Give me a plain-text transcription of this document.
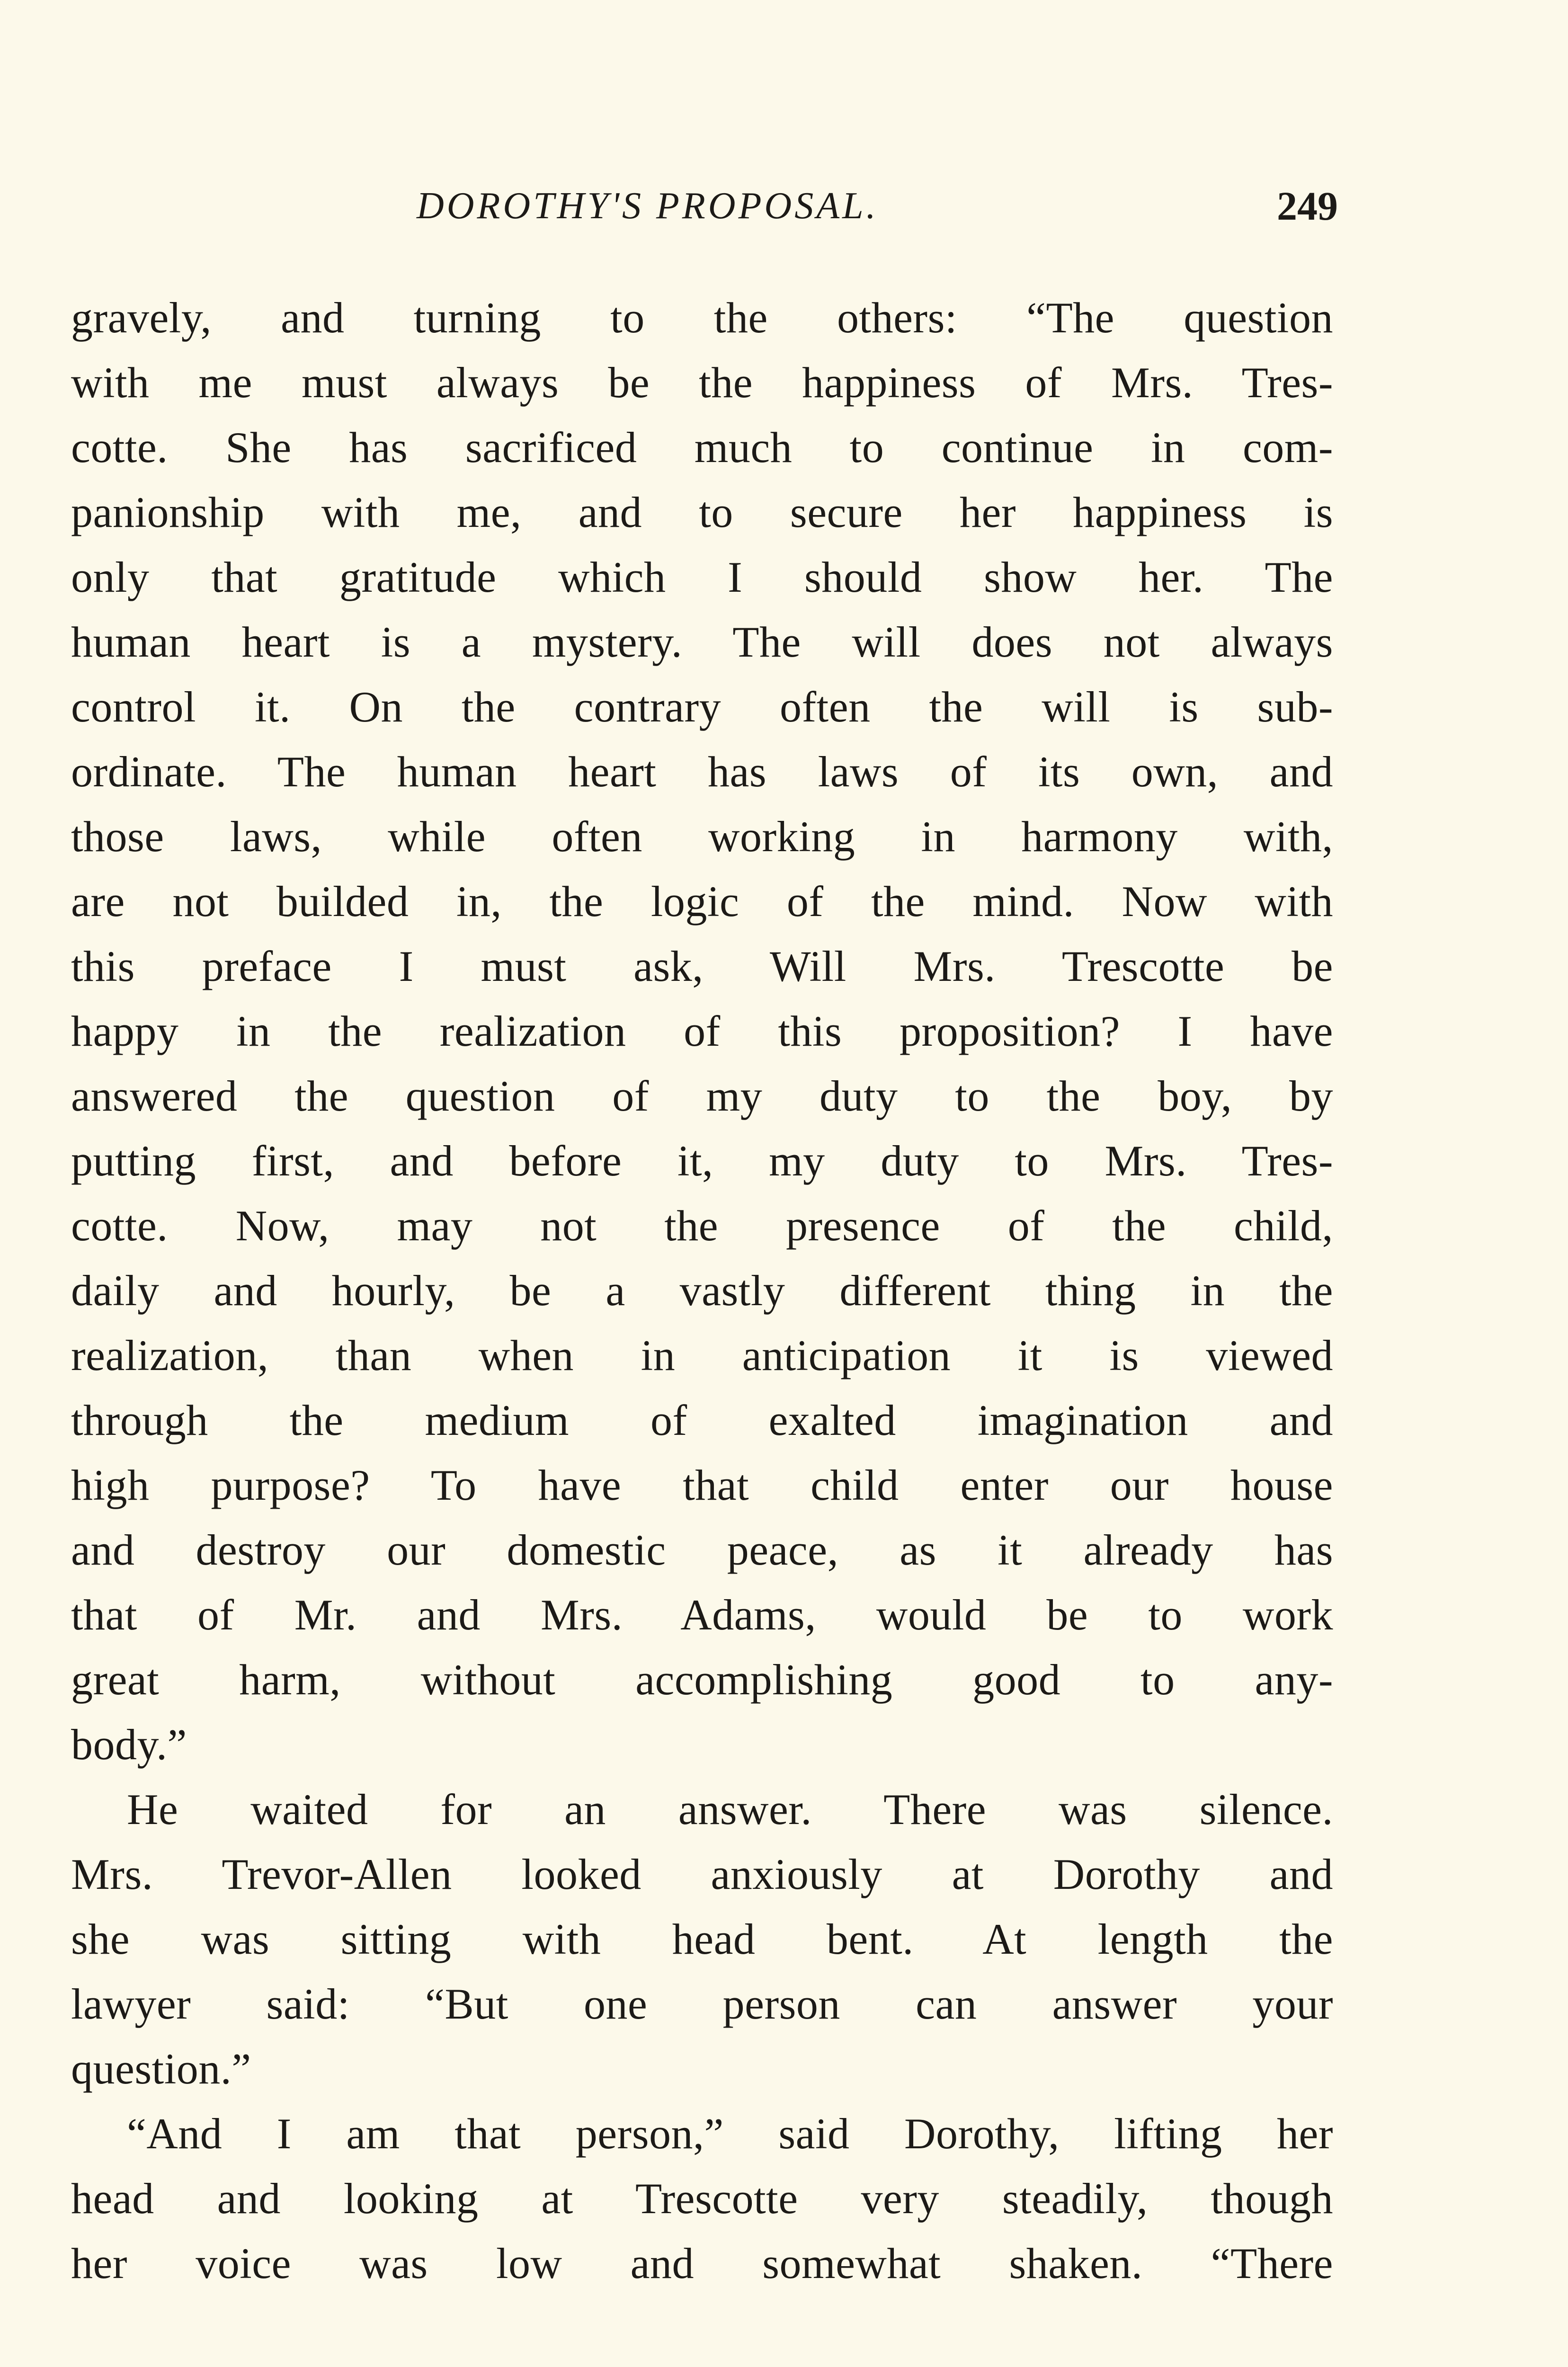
DOROTHY'S PROPOSAL.	249
gravely, and turning to the others: “The question
with me must always be the happiness of Mrs. Tres-
cotte. She has sacrificed much to continue in com-
panionship with me, and to secure her happiness is
only that gratitude which I should show her. The
human heart is a mystery. The will does not always
control it. On the contrary often the will is sub-
ordinate. The human heart has laws of its own, and
those laws, while often working in harmony with,
are not builded in, the logic of the mind. Now with
this preface I must ask, Will Mrs. Trescotte be
happy in the realization of this proposition? I have
answered the question of my duty to the boy, by
putting first, and before it, my duty to Mrs. Tres-
cotte. Now, may not the presence of the child,
daily and hourly, be a vastly different thing in the
realization, than when in anticipation it is viewed
through the medium of exalted imagination and
high purpose? To have that child enter our house
and destroy our domestic peace, as it already has
that of Mr. and Mrs. Adams, would be to work
great harm, without accomplishing good to any-
body.”
He waited for an answer. There was silence.
Mrs. Trevor-Allen looked anxiously at Dorothy and
she was sitting with head bent. At length the
lawyer said: “But one person can answer your
question.”
“And I am that person,” said Dorothy, lifting her
head and looking at Trescotte very steadily, though
her voice was low and somewhat shaken. “There
